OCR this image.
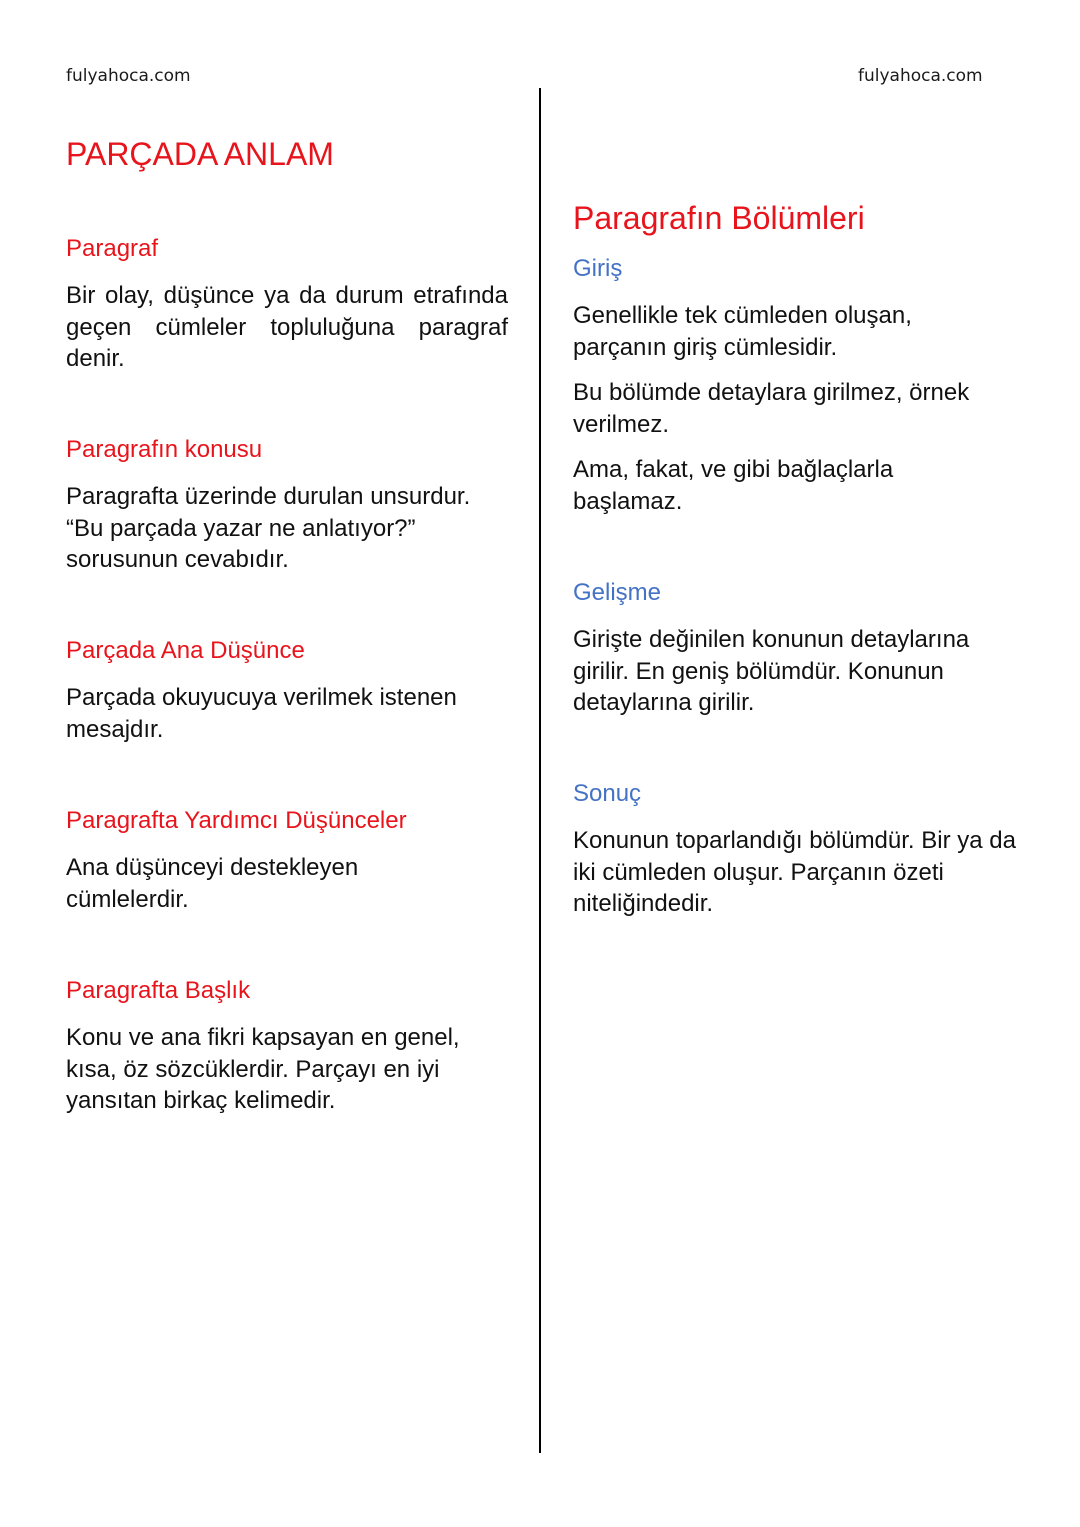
fulyahoca.com	fulyahoca.com
PARÇADA ANLAM
Paragraf

Bir olay, düşünce ya da durum etrafında geçen cümleler topluluğuna paragraf denir.

Paragrafın konusu

Paragrafta üzerinde durulan unsurdur. “Bu parçada yazar ne anlatıyor?” sorusunun cevabıdır.

Parçada Ana Düşünce

Parçada okuyucuya verilmek istenen mesajdır.

Paragrafta Yardımcı Düşünceler

Ana düşünceyi destekleyen cümlelerdir.

Paragrafta Başlık

Konu ve ana fikri kapsayan en genel, kısa, öz sözcüklerdir. Parçayı en iyi yansıtan birkaç kelimedir.

Paragrafın Bölümleri
Giriş

Genellikle tek cümleden oluşan, parçanın giriş cümlesidir.

Bu bölümde detaylara girilmez, örnek verilmez.

Ama, fakat, ve gibi bağlaçlarla başlamaz.

Gelişme

Girişte değinilen konunun detaylarına girilir. En geniş bölümdür. Konunun detaylarına girilir.

Sonuç

Konunun toparlandığı bölümdür. Bir ya da iki cümleden oluşur. Parçanın özeti niteliğindedir.
